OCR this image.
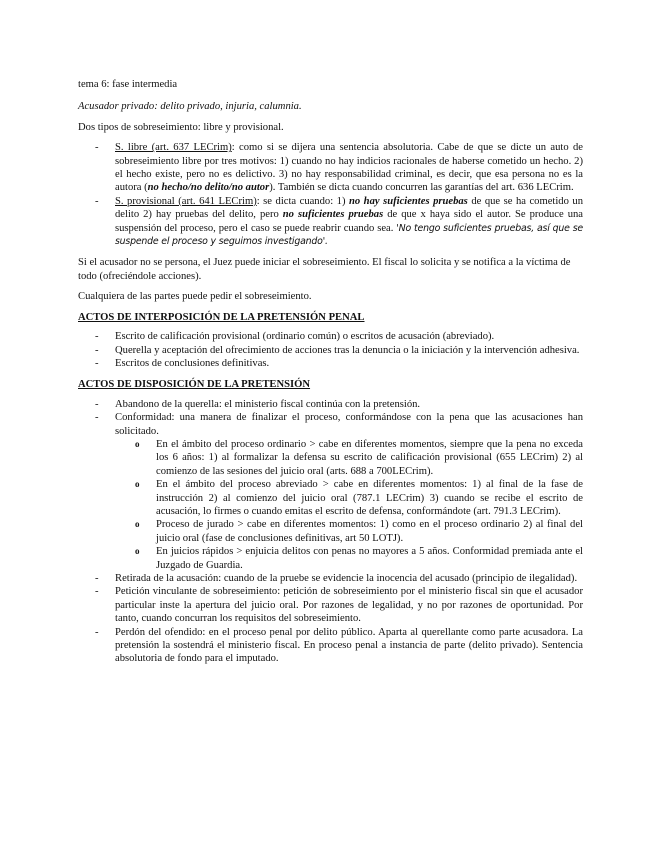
tema 6: fase intermedia

Acusador privado: delito privado, injuria, calumnia.

Dos tipos de sobreseimiento: libre y provisional.

- S. libre (art. 637 LECrim): como si se dijera una sentencia absolutoria. Cabe de que se dicte un auto de sobreseimiento libre por tres motivos: 1) cuando no hay indicios racionales de haberse cometido un hecho. 2) el hecho existe, pero no es delictivo. 3) no hay responsabilidad criminal, es decir, que esa persona no es la autora (no hecho/no delito/no autor). También se dicta cuando concurren las garantías del art. 636 LECrim.
- S. provisional (art. 641 LECrim): se dicta cuando: 1) no hay suficientes pruebas de que se ha cometido un delito 2) hay pruebas del delito, pero no suficientes pruebas de que x haya sido el autor. Se produce una suspensión del proceso, pero el caso se puede reabrir cuando sea. 'No tengo suficientes pruebas, así que se suspende el proceso y seguimos investigando'.

Si el acusador no se persona, el Juez puede iniciar el sobreseimiento. El fiscal lo solicita y se notifica a la víctima de todo (ofreciéndole acciones).

Cualquiera de las partes puede pedir el sobreseimiento.

ACTOS DE INTERPOSICIÓN DE LA PRETENSIÓN PENAL
- Escrito de calificación provisional (ordinario común) o escritos de acusación (abreviado).
- Querella y aceptación del ofrecimiento de acciones tras la denuncia o la iniciación y la intervención adhesiva.
- Escritos de conclusiones definitivas.
ACTOS DE DISPOSICIÓN DE LA PRETENSIÓN
- Abandono de la querella: el ministerio fiscal continúa con la pretensión.
- Conformidad: una manera de finalizar el proceso, conformándose con la pena que las acusaciones han solicitado.
o En el ámbito del proceso ordinario > cabe en diferentes momentos, siempre que la pena no exceda los 6 años: 1) al formalizar la defensa su escrito de calificación provisional (655 LECrim) 2) al comienzo de las sesiones del juicio oral (arts. 688 a 700LECrim).
o En el ámbito del proceso abreviado > cabe en diferentes momentos: 1) al final de la fase de instrucción 2) al comienzo del juicio oral (787.1 LECrim) 3) cuando se recibe el escrito de acusación, lo firmes o cuando emitas el escrito de defensa, conformándote (art. 791.3 LECrim).
o Proceso de jurado > cabe en diferentes momentos: 1) como en el proceso ordinario 2) al final del juicio oral (fase de conclusiones definitivas, art 50 LOTJ).
o En juicios rápidos > enjuicia delitos con penas no mayores a 5 años. Conformidad premiada ante el Juzgado de Guardia.
- Retirada de la acusación: cuando de la pruebe se evidencie la inocencia del acusado (principio de ilegalidad).
- Petición vinculante de sobreseimiento: petición de sobreseimiento por el ministerio fiscal sin que el acusador particular inste la apertura del juicio oral. Por razones de legalidad, y no por razones de oportunidad. Por tanto, cuando concurran los requisitos del sobreseimiento.
- Perdón del ofendido: en el proceso penal por delito público. Aparta al querellante como parte acusadora. La pretensión la sostendrá el ministerio fiscal. En proceso penal a instancia de parte (delito privado). Sentencia absolutoria de fondo para el imputado.
